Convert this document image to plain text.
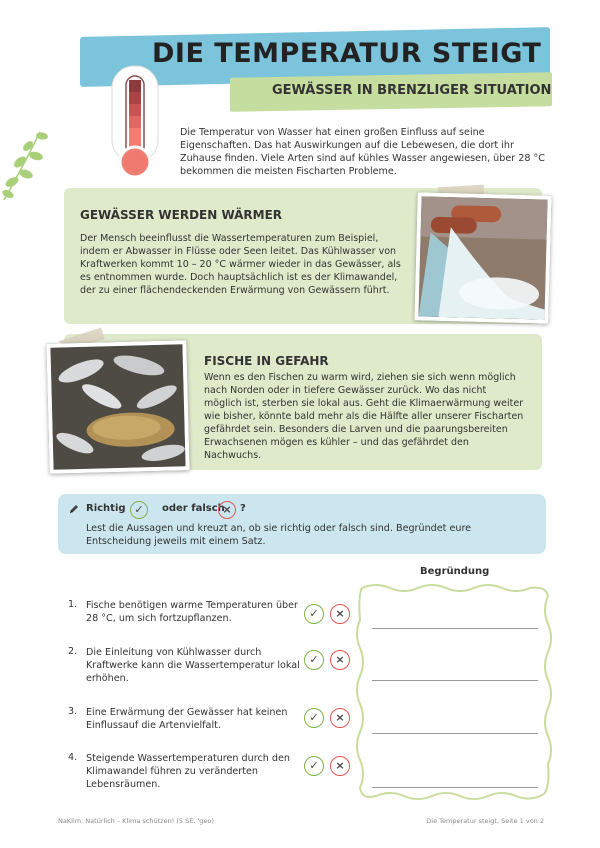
DIE TEMPERATUR STEIGT
GEWÄSSER IN BRENZLIGER SITUATION
Die Temperatur von Wasser hat einen großen Einfluss auf seine Eigenschaften. Das hat Auswirkungen auf die Lebewesen, die dort ihr Zuhause finden. Viele Arten sind auf kühles Wasser angewiesen, über 28 °C bekommen die meisten Fischarten Probleme.
GEWÄSSER WERDEN WÄRMER
Der Mensch beeinflusst die Wassertemperaturen zum Beispiel, indem er Abwasser in Flüsse oder Seen leitet. Das Kühlwasser von Kraftwerken kommt 10 – 20 °C wärmer wieder in das Gewässer, als es entnommen wurde. Doch hauptsächlich ist es der Klimawandel, der zu einer flächendeckenden Erwärmung von Gewässern führt.
FISCHE IN GEFAHR
Wenn es den Fischen zu warm wird, ziehen sie sich wenn möglich nach Norden oder in tiefere Gewässer zurück. Wo das nicht möglich ist, sterben sie lokal aus. Geht die Klimaerwärmung weiter wie bisher, könnte bald mehr als die Hälfte aller unserer Fischarten gefährdet sein. Besonders die Larven und die paarungsbereiten Erwachsenen mögen es kühler – und das gefährdet den Nachwuchs.
Richtig ✓	oder falsch
× ?
Lest die Aussagen und kreuzt an, ob sie richtig oder falsch sind. Begründet eure Entscheidung jeweils mit einem Satz.
Begründung
1. Fische benötigen warme Temperaturen über 28 °C, um sich fortzupflanzen.	✓	×
2. Die Einleitung von Kühlwasser durch Kraftwerke kann die Wassertemperatur lokal erhöhen.
✓	×
3. Eine Erwärmung der Gewässer hat keinen Einflussauf die Artenvielfalt.
✓	×
4. Steigende Wassertemperaturen durch den Klimawandel führen zu veränderten Lebensräumen.
✓	×
NaKlim: Natürlich – Klima schützen! (5.SE. 'geo)	Die Temperatur steigt, Seite 1 von 2
